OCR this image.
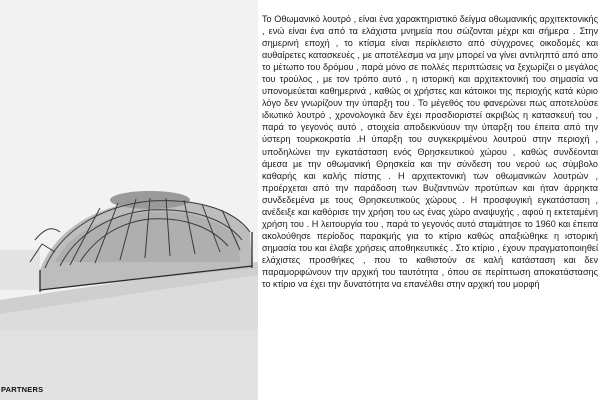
PARTNERS

Το Οθωμανικό λουτρό , είναι ένα χαρακτηριστικό δείγμα οθωμανικής αρχιτεκτονικής , ενώ είναι ένα από τα ελάχιστα μνημεία που σώζονται μέχρι και σήμερα . Στην σημερινή εποχή , το κτίσμα είναι περίκλειστο από σύγχρονες οικοδομές και αυθαίρετες κατασκευές , με αποτέλεσμα να μην μπορεί να γίνει αντιληπτό από απο το μέτωπο του δρόμου , παρά μόνο σε πολλές περιπτώσεις να ξεχωρίζει ο μεγάλος του τρούλος , με τον τρόπο αυτό , η ιστορική και αρχιτεκτονική του σημασία να υπονομεύεται καθημερινά , καθώς οι χρήστες και κάτοικοι της περιοχής κατά κύριο λόγο δεν γνωρίζουν την ύπαρξη του . Το μέγεθός του φανερώνει πως αποτελούσε ιδιωτικό λουτρό , χρονολογικά δεν έχει προσδιοριστεί ακριβώς η κατασκευή του , παρά το γεγονός αυτό , στοιχεία αποδεικνύουν την ύπαρξη του έπειτα από την ύστερη τουρκοκρατία .Η ύπαρξη του συγκεκριμένου λουτρού στην περιοχή , υποδηλώνει την εγκατάσταση ενός Θρησκευτικού χώρου , καθώς συνδέονται άμεσα με την οθωμανική Θρησκεία και την σύνδεση του νερού ως σύμβολο καθαρής και καλής πίστης . Η αρχιτεκτονική των οθωμανικών λουτρών , προέρχεται από την παράδοση των Βυζαντινών προτύπων και ήταν άρρηκτα συνδεδεμένα με τους Θρησκευτικούς χώρους . Η προσφυγική εγκατάσταση , ανέδειξε και καθόρισε την χρήση του ως ένας χώρο αναψυχής , αφού η εκτεταμένη χρήση του . Η λειτουργία του , παρά το γεγονός αυτό σταμάτησε το 1960 και έπειτα ακολούθησε περίοδος παρακμής για το κτίριο καθώς απαξιώθηκε η ιστορική σημασία του και έλαβε χρήσεις αποθηκευτικές . Στο κτίριο , έχουν πραγματοποιηθεί ελάχιστες προσθήκες , που το καθιστούν σε καλή κατάσταση και δεν παραμορφώνουν την αρχική του ταυτότητα , όπου σε περίπτωση αποκατάστασης το κτίριο να έχει την δυνατότητα να επανέλθει στην αρχική του μορφή
